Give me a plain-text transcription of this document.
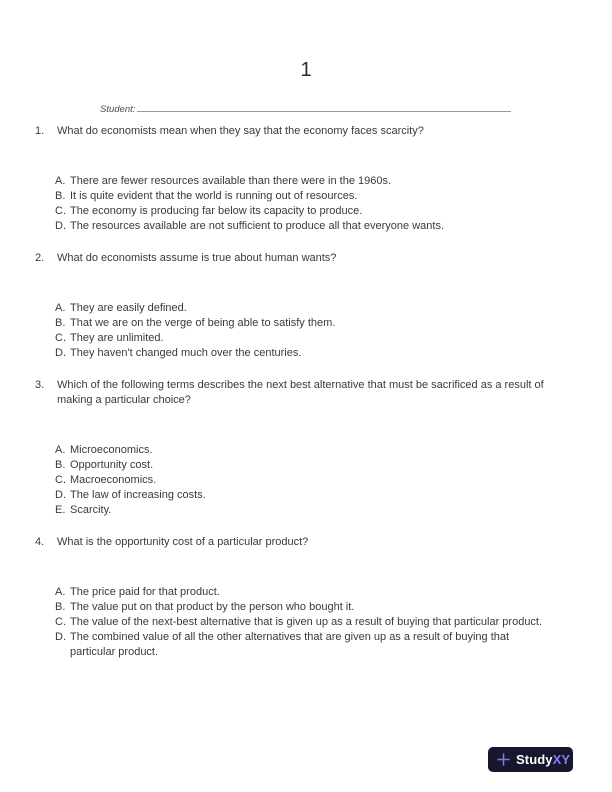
1
Student:
1.	What do economists mean when they say that the economy faces scarcity?
A. There are fewer resources available than there were in the 1960s.
B. It is quite evident that the world is running out of resources.
C. The economy is producing far below its capacity to produce.
D. The resources available are not sufficient to produce all that everyone wants.
2.	What do economists assume is true about human wants?
A. They are easily defined.
B. That we are on the verge of being able to satisfy them.
C. They are unlimited.
D. They haven't changed much over the centuries.
3.	Which of the following terms describes the next best alternative that must be sacrificed as a result of making a particular choice?
A. Microeconomics.
B. Opportunity cost.
C. Macroeconomics.
D. The law of increasing costs.
E. Scarcity.
4.	What is the opportunity cost of a particular product?
A. The price paid for that product.
B. The value put on that product by the person who bought it.
C. The value of the next-best alternative that is given up as a result of buying that particular product.
D. The combined value of all the other alternatives that are given up as a result of buying that particular product.
StudyXY
